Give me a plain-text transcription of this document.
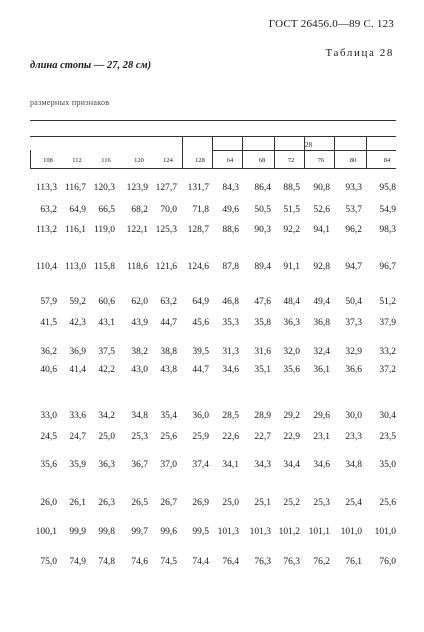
ГОСТ 26456.0—89 С. 123
Таблица 28
длина стопы — 27, 28 см)
размерных признаков
28
108	112	116	120	124	128	64	68	72	76	80	84
113,3 116,7 120,3	123,9 127,7	131,7	84,3	86,4	88,5	90,8	93,3	95,8
63,2	64,9	66,5	68,2	70,0	71,8	49,6	50,5	51,5	52,6	53,7	54,9
113,2 116,1 119,0	122,1 125,3	128,7	88,6	90,3	92,2	94,1	96,2	98,3
110,4 113,0 115,8	118,6 121,6	124,6	87,8	89,4	91,1	92,8	94,7	96,7
57,9	59,2	60,6	62,0	63,2	64,9	46,8	47,6	48,4	49,4	50,4	51,2
41,5	42,3	43,1	43,9	44,7	45,6	35,3	35,8	36,3	36,8	37,3	37,9
36,2	36,9	37,5	38,2	38,8	39,5	31,3	31,6	32,0	32,4	32,9	33,2
40,6	41,4	42,2	43,0	43,8	44,7	34,6	35,1	35,6	36,1	36,6	37,2
33,0	33,6	34,2	34,8	35,4	36,0	28,5	28,9	29,2	29,6	30,0	30,4
24,5	24,7	25,0	25,3	25,6	25,9	22,6	22,7	22,9	23,1	23,3	23,5
35,6	35,9	36,3	36,7	37,0	37,4	34,1	34,3	34,4	34,6	34,8	35,0
26,0	26,1	26,3	26,5	26,7	26,9	25,0	25,1	25,2	25,3	25,4	25,6
100,1	99,9	99,8	99,7	99,6	99,5 101,3	101,3 101,2 101,1	101,0	101,0
75,0	74,9	74,8	74,6	74,5	74,4	76,4	76,3	76,3	76,2	76,1	76,0
